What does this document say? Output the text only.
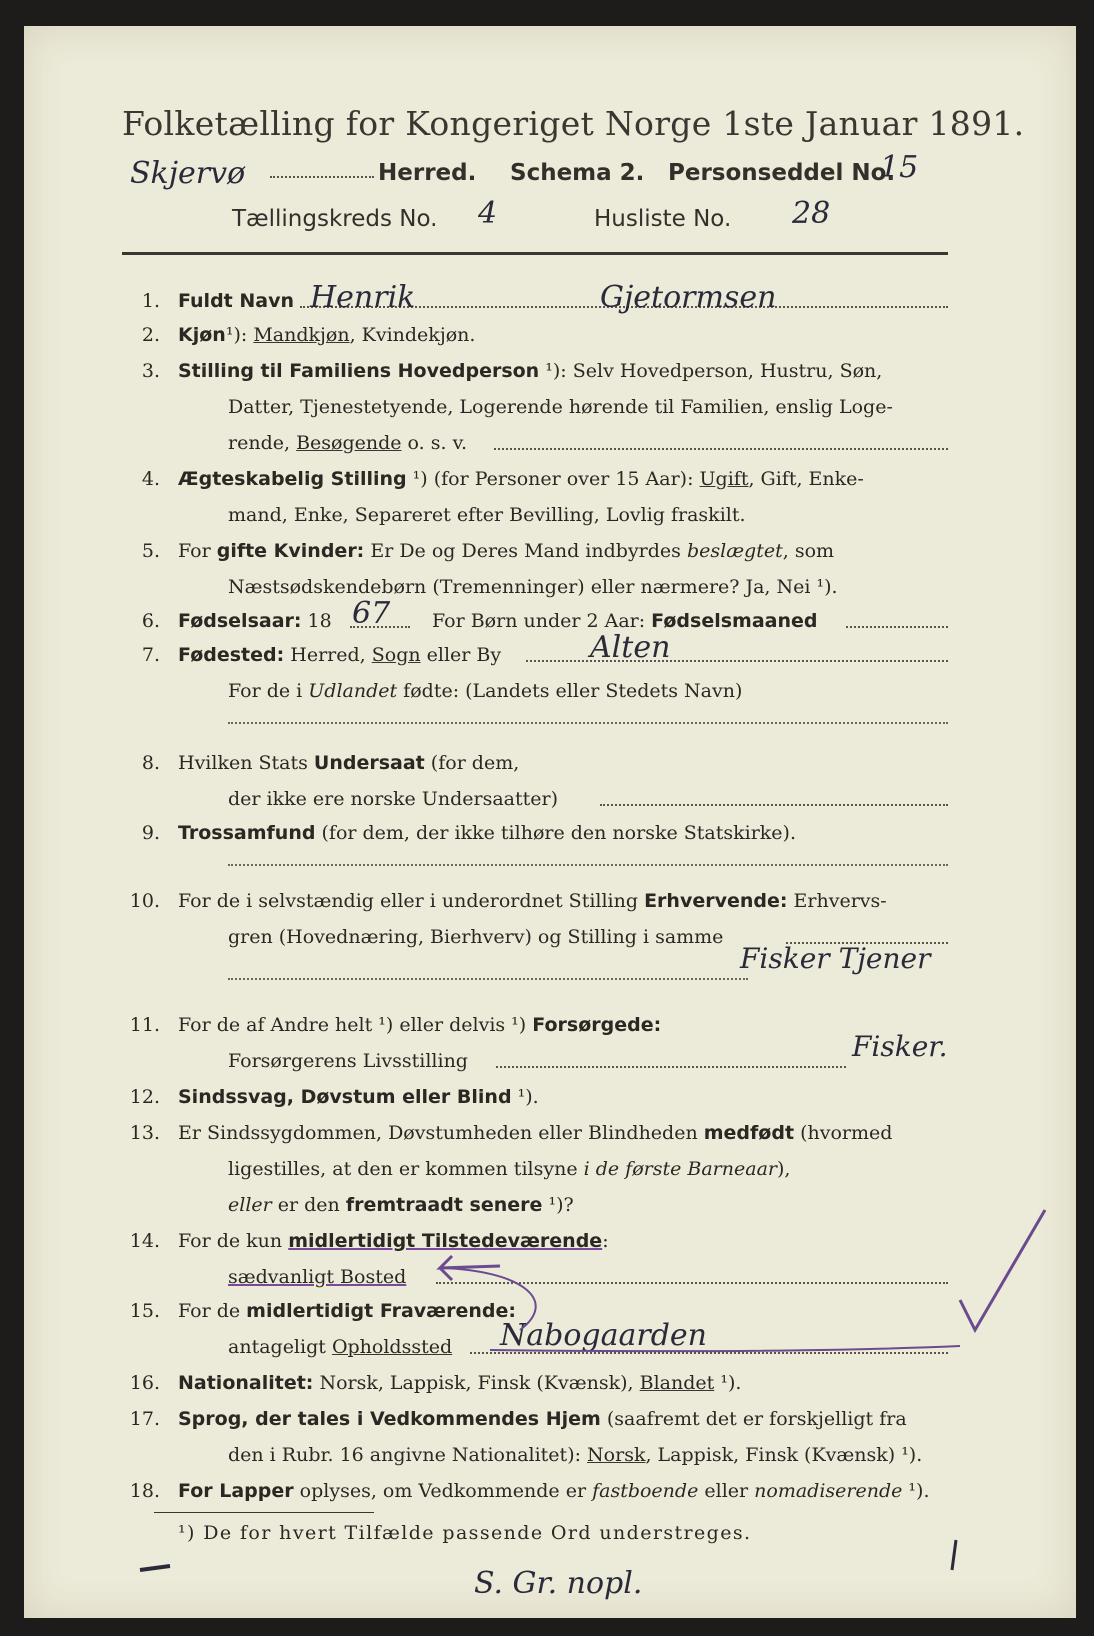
Folketælling for Kongeriget Norge 1ste Januar 1891.
Skjervø	Herred. Schema 2. Personseddel No.
15
Tællingskreds No. 4	Husliste No. 28
1. Fuldt Navn Henrik	Gjetormsen
2. Kjøn¹): Mandkjøn, Kvindekjøn.
3. Stilling til Familiens Hovedperson ¹): Selv Hovedperson, Hustru, Søn,
Datter, Tjenestetyende, Logerende hørende til Familien, enslig Loge-
rende, Besøgende o. s. v.
4. Ægteskabelig Stilling ¹) (for Personer over 15 Aar): Ugift, Gift, Enke-
mand, Enke, Separeret efter Bevilling, Lovlig fraskilt.
5. For gifte Kvinder: Er De og Deres Mand indbyrdes beslægtet, som
Næstsødskendebørn (Tremenninger) eller nærmere? Ja, Nei ¹).
6. Fødselsaar: 18 67 For Børn under 2 Aar: Fødselsmaaned
7. Fødested: Herred, Sogn eller By	Alten
For de i Udlandet fødte: (Landets eller Stedets Navn)
8. Hvilken Stats Undersaat (for dem,
der ikke ere norske Undersaatter)
9. Trossamfund (for dem, der ikke tilhøre den norske Statskirke).
10. For de i selvstændig eller i underordnet Stilling Erhvervende: Erhvervs-
gren (Hovednæring, Bierhverv) og Stilling i samme
Fisker Tjener
11. For de af Andre helt ¹) eller delvis ¹) Forsørgede:
Forsørgerens Livsstilling	Fisker.
12. Sindssvag, Døvstum eller Blind ¹).
13. Er Sindssygdommen, Døvstumheden eller Blindheden medfødt (hvormed
ligestilles, at den er kommen tilsyne i de første Barneaar),
eller er den fremtraadt senere ¹)?
14. For de kun midlertidigt Tilstedeværende:
sædvanligt Bosted
15. For de midlertidigt Fraværende:
antageligt Opholdssted Nabogaarden
16. Nationalitet: Norsk, Lappisk, Finsk (Kvænsk), Blandet ¹).
17. Sprog, der tales i Vedkommendes Hjem (saafremt det er forskjelligt fra
den i Rubr. 16 angivne Nationalitet): Norsk, Lappisk, Finsk (Kvænsk) ¹).
18. For Lapper oplyses, om Vedkommende er fastboende eller nomadiserende ¹).
¹) De for hvert Tilfælde passende Ord understreges.
S. Gr. nopl.
